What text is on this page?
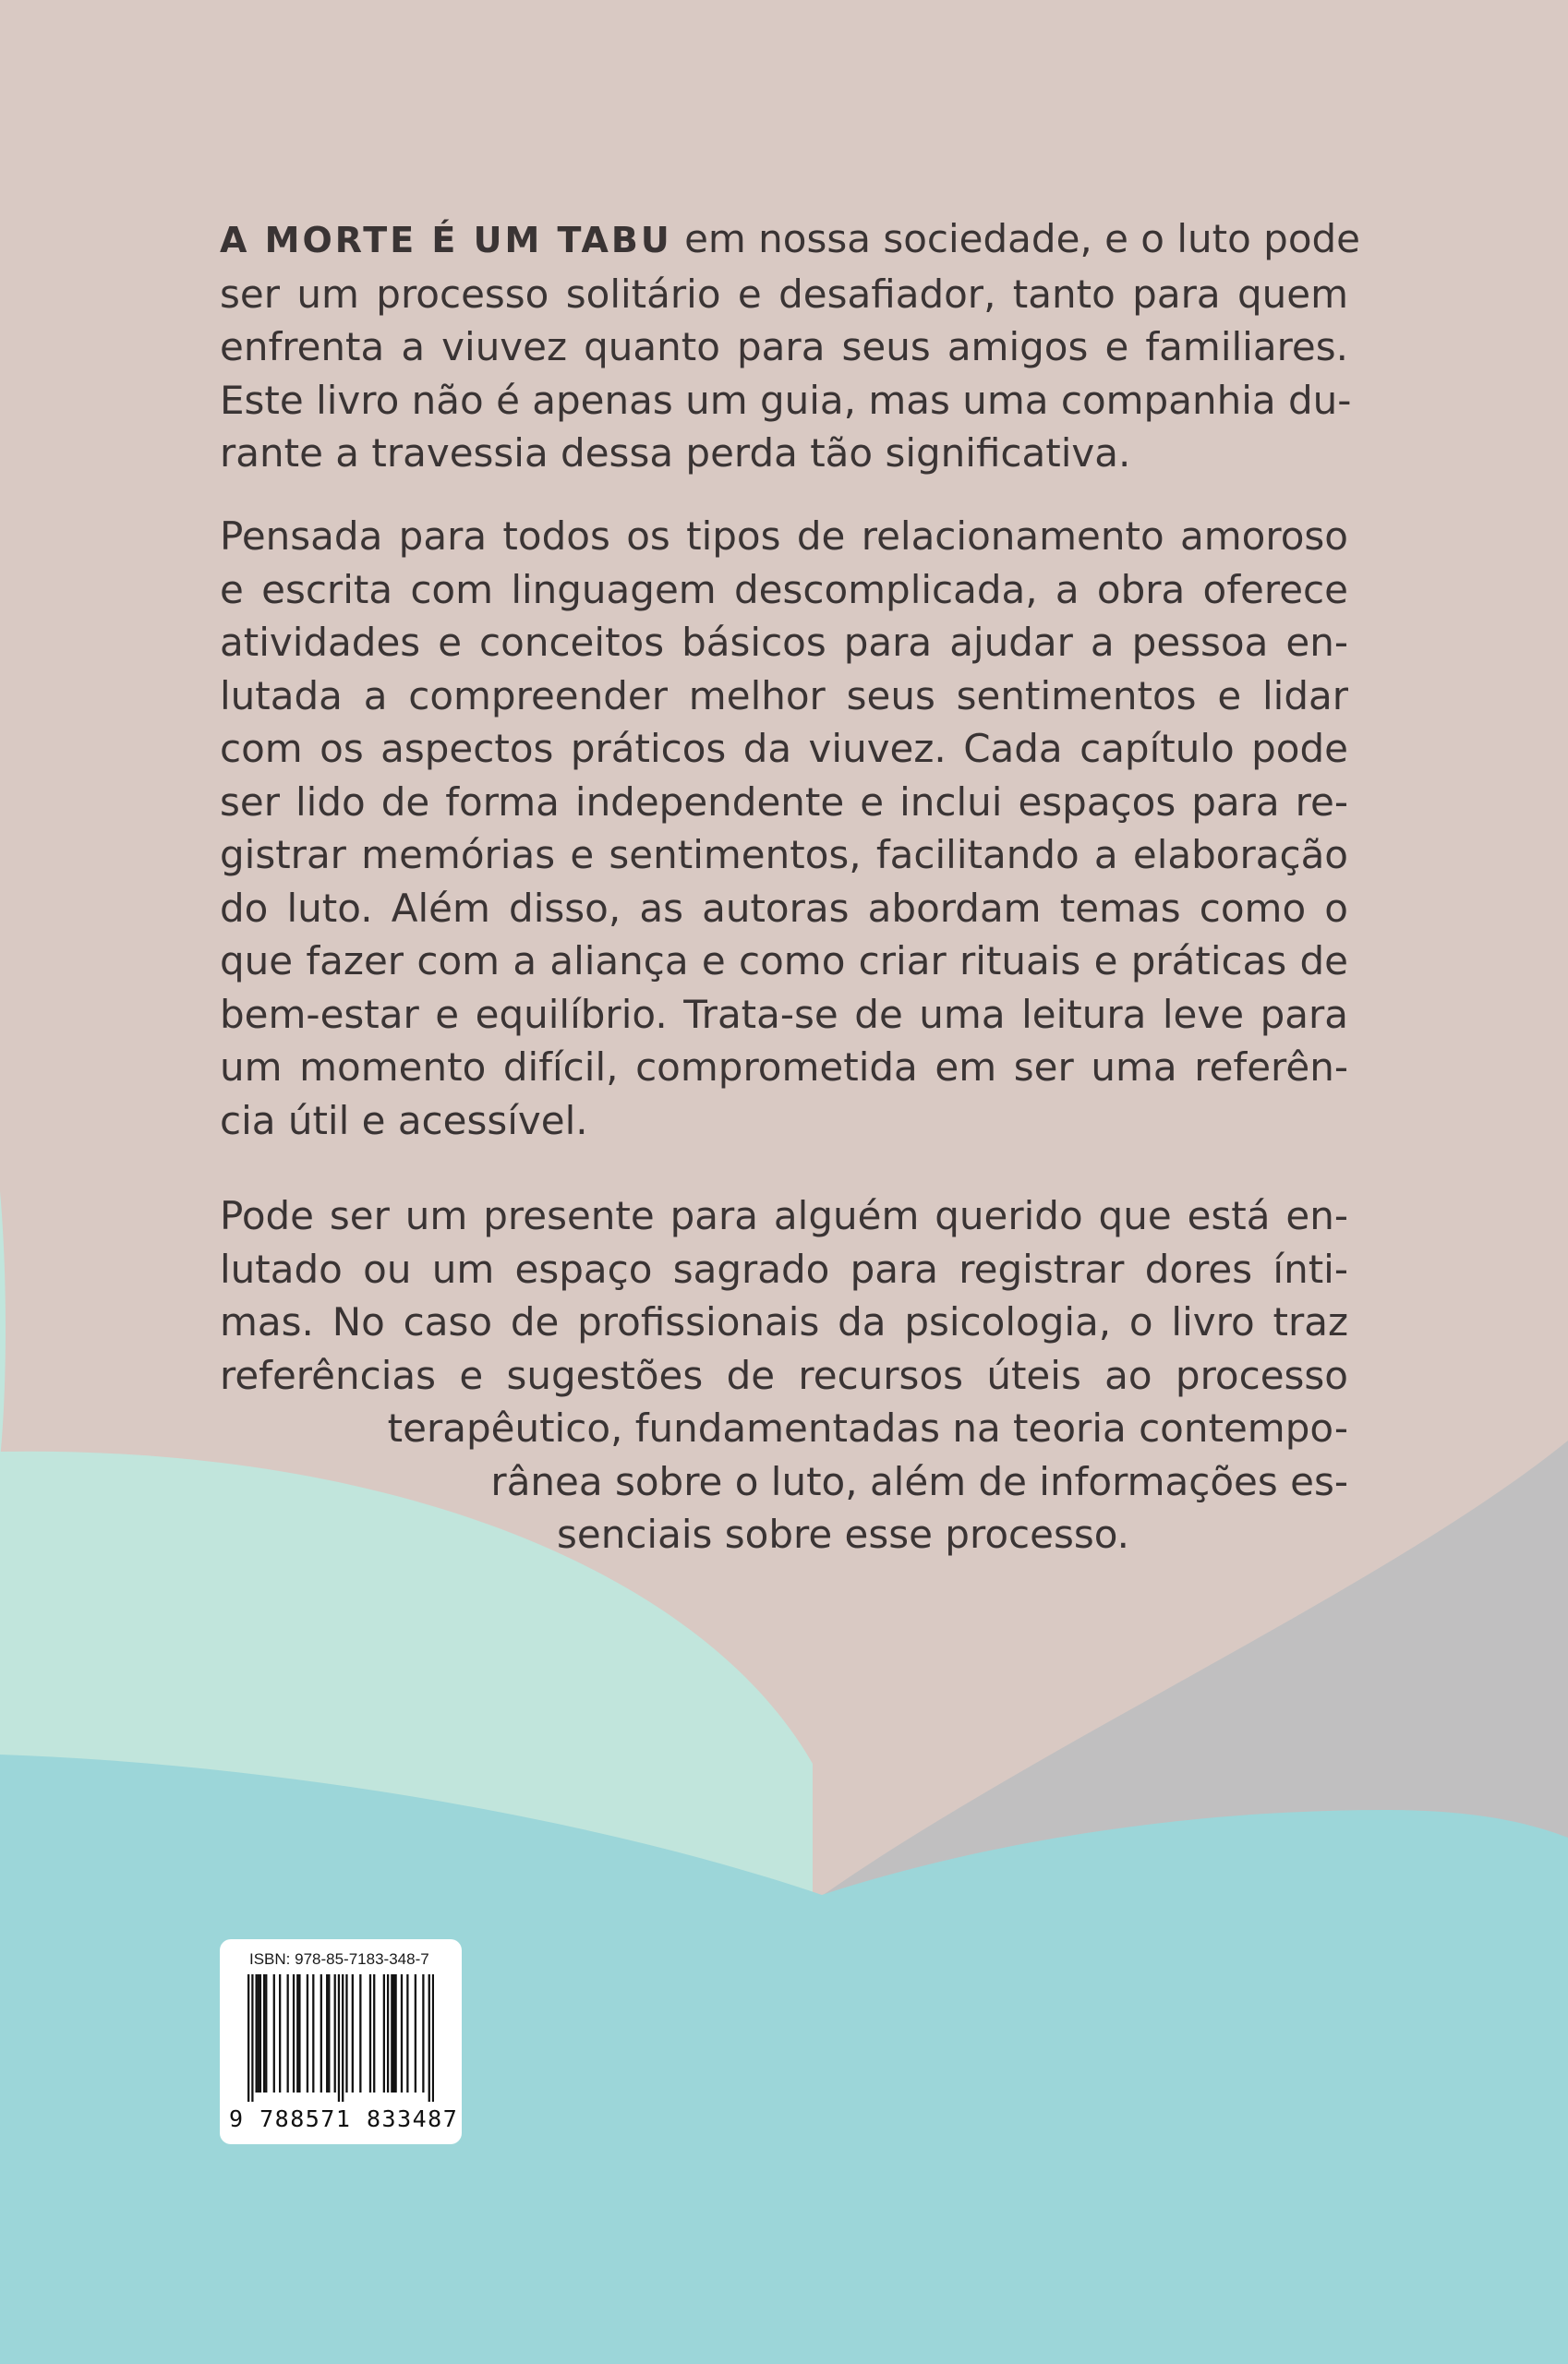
A MORTE É UM TABU em nossa sociedade, e o luto pode
ser um processo solitário e desafiador, tanto para quem
enfrenta a viuvez quanto para seus amigos e familiares.
Este livro não é apenas um guia, mas uma companhia du-
rante a travessia dessa perda tão significativa.
Pensada para todos os tipos de relacionamento amoroso
e escrita com linguagem descomplicada, a obra oferece
atividades e conceitos básicos para ajudar a pessoa en-
lutada a compreender melhor seus sentimentos e lidar
com os aspectos práticos da viuvez. Cada capítulo pode
ser lido de forma independente e inclui espaços para re-
gistrar memórias e sentimentos, facilitando a elaboração
do luto. Além disso, as autoras abordam temas como o
que fazer com a aliança e como criar rituais e práticas de
bem-estar e equilíbrio. Trata-se de uma leitura leve para
um momento difícil, comprometida em ser uma referên-
cia útil e acessível.
Pode ser um presente para alguém querido que está en-
lutado ou um espaço sagrado para registrar dores ínti-
mas. No caso de profissionais da psicologia, o livro traz
referências e sugestões de recursos úteis ao processo
terapêutico, fundamentadas na teoria contempo-
rânea sobre o luto, além de informações es-
senciais sobre esse processo.
ISBN: 978-85-7183-348-7
9 788571 833487
